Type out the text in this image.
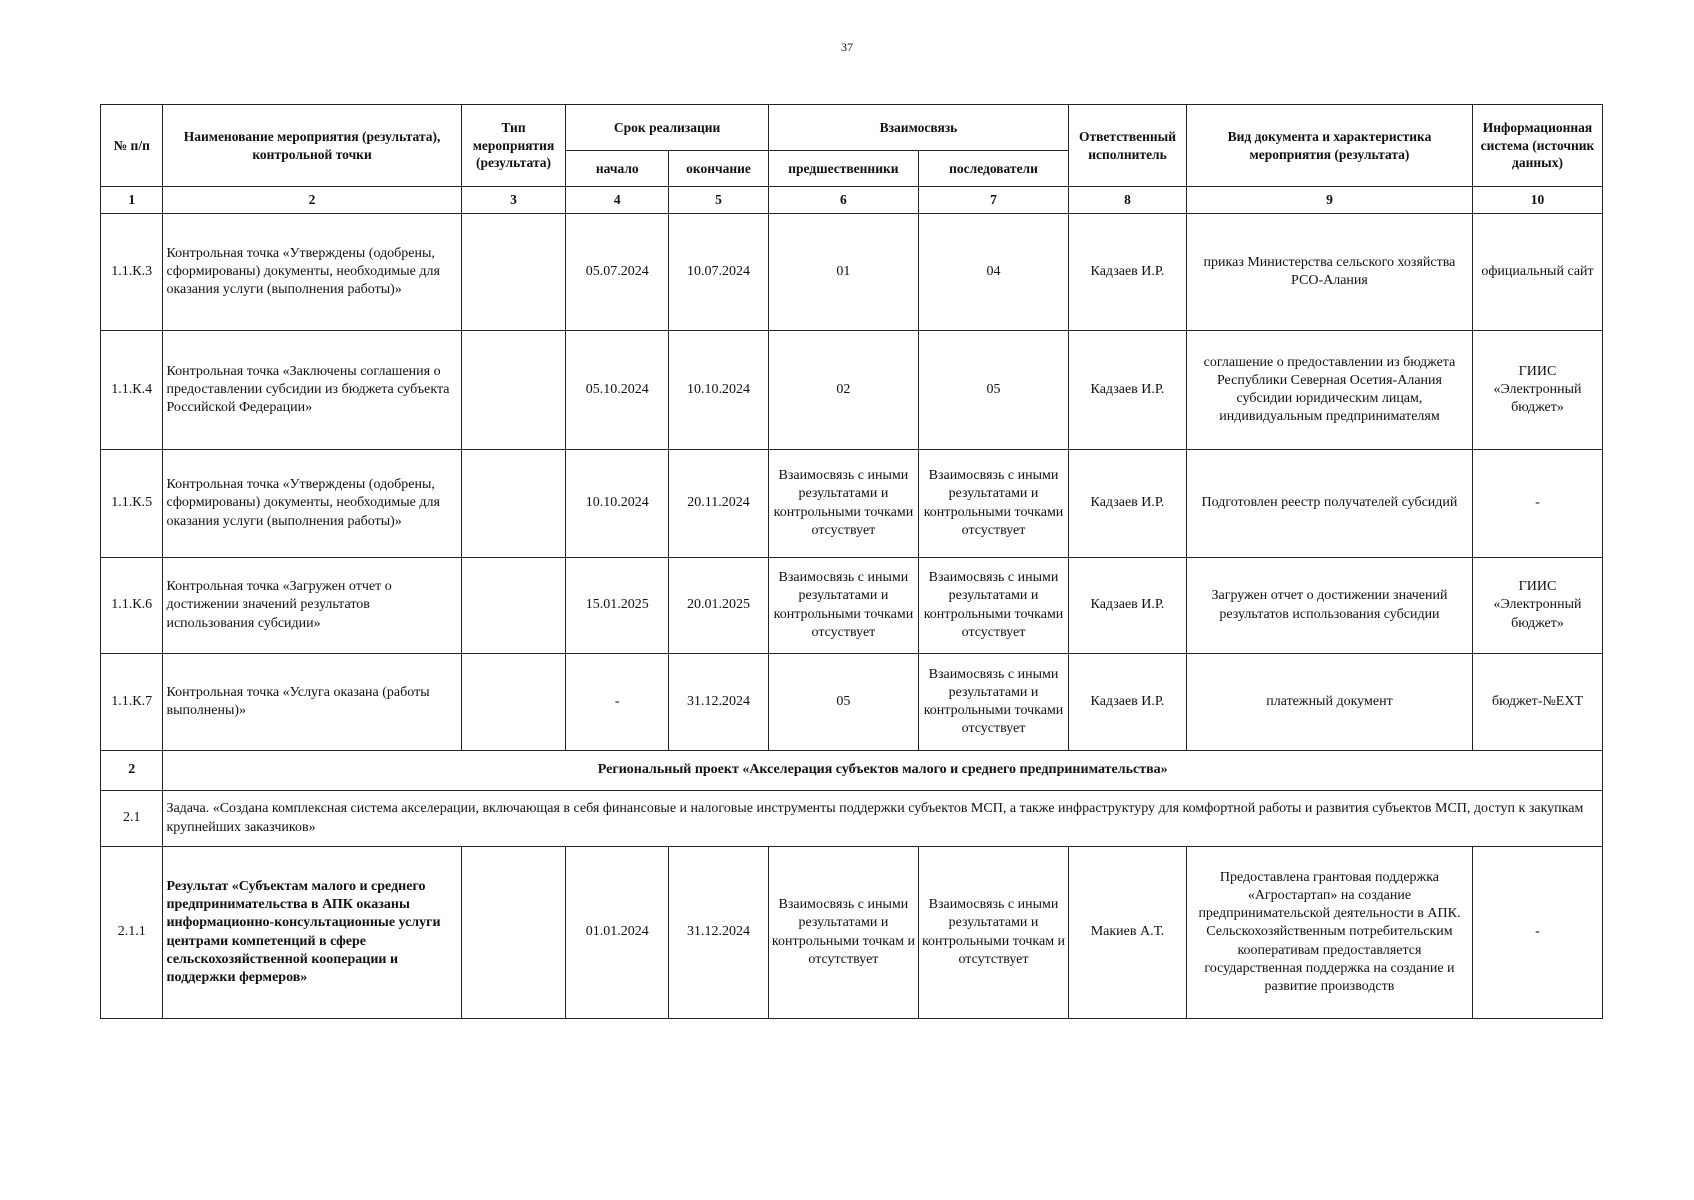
37
№ п/п	Наименование мероприятия (результата), контрольной точки	Тип мероприятия (результата)	Срок реализации		Взаимосвязь		Ответственный исполнитель	Вид документа и характеристика мероприятия (результата)	Информационная система (источник данных)
			начало	окончание	предшественники	последователи			
1	2	3	4	5	6	7	8	9	10
1.1.К.3	Контрольная точка «Утверждены (одобрены, сформированы) документы, необходимые для оказания услуги (выполнения работы)»		05.07.2024	10.07.2024	01	04	Кадзаев И.Р.	приказ Министерства сельского хозяйства РСО-Алания	официальный сайт
1.1.К.4	Контрольная точка «Заключены соглашения о предоставлении субсидии из бюджета субъекта Российской Федерации»		05.10.2024	10.10.2024	02	05	Кадзаев И.Р.	соглашение о предоставлении из бюджета Республики Северная Осетия-Алания субсидии юридическим лицам, индивидуальным предпринимателям	ГИИС «Электронный бюджет»
1.1.К.5	Контрольная точка «Утверждены (одобрены, сформированы) документы, необходимые для оказания услуги (выполнения работы)»		10.10.2024	20.11.2024	Взаимосвязь с иными результатами и контрольными точками отсуствует	Взаимосвязь с иными результатами и контрольными точками отсуствует	Кадзаев И.Р.	Подготовлен реестр получателей субсидий	-
1.1.К.6	Контрольная точка «Загружен отчет о достижении значений результатов использования субсидии»		15.01.2025	20.01.2025	Взаимосвязь с иными результатами и контрольными точками отсуствует	Взаимосвязь с иными результатами и контрольными точками отсуствует	Кадзаев И.Р.	Загружен отчет о достижении значений результатов использования субсидии	ГИИС «Электронный бюджет»
1.1.К.7	Контрольная точка «Услуга оказана (работы выполнены)»		-	31.12.2024	05	Взаимосвязь с иными результатами и контрольными точками отсуствует	Кадзаев И.Р.	платежный документ	бюджет-№EXT
2	Региональный проект «Акселерация субъектов малого и среднего предпринимательства»								
2.1	Задача. «Создана комплексная система акселерации, включающая в себя финансовые и налоговые инструменты поддержки субъектов МСП, а также инфраструктуру для комфортной работы и развития субъектов МСП, доступ к закупкам крупнейших заказчиков»								
2.1.1	Результат «Субъектам малого и среднего предпринимательства в АПК оказаны информационно-консультационные услуги центрами компетенций в сфере сельскохозяйственной кооперации и поддержки фермеров»		01.01.2024	31.12.2024	Взаимосвязь с иными результатами и контрольными точкам и отсутствует	Взаимосвязь с иными результатами и контрольными точкам и отсутствует	Макиев А.Т.	Предоставлена грантовая поддержка «Агростартап» на создание предпринимательской деятельности в АПК. Сельскохозяйственным потребительским кооперативам предоставляется государственная поддержка на создание и развитие производств	-
